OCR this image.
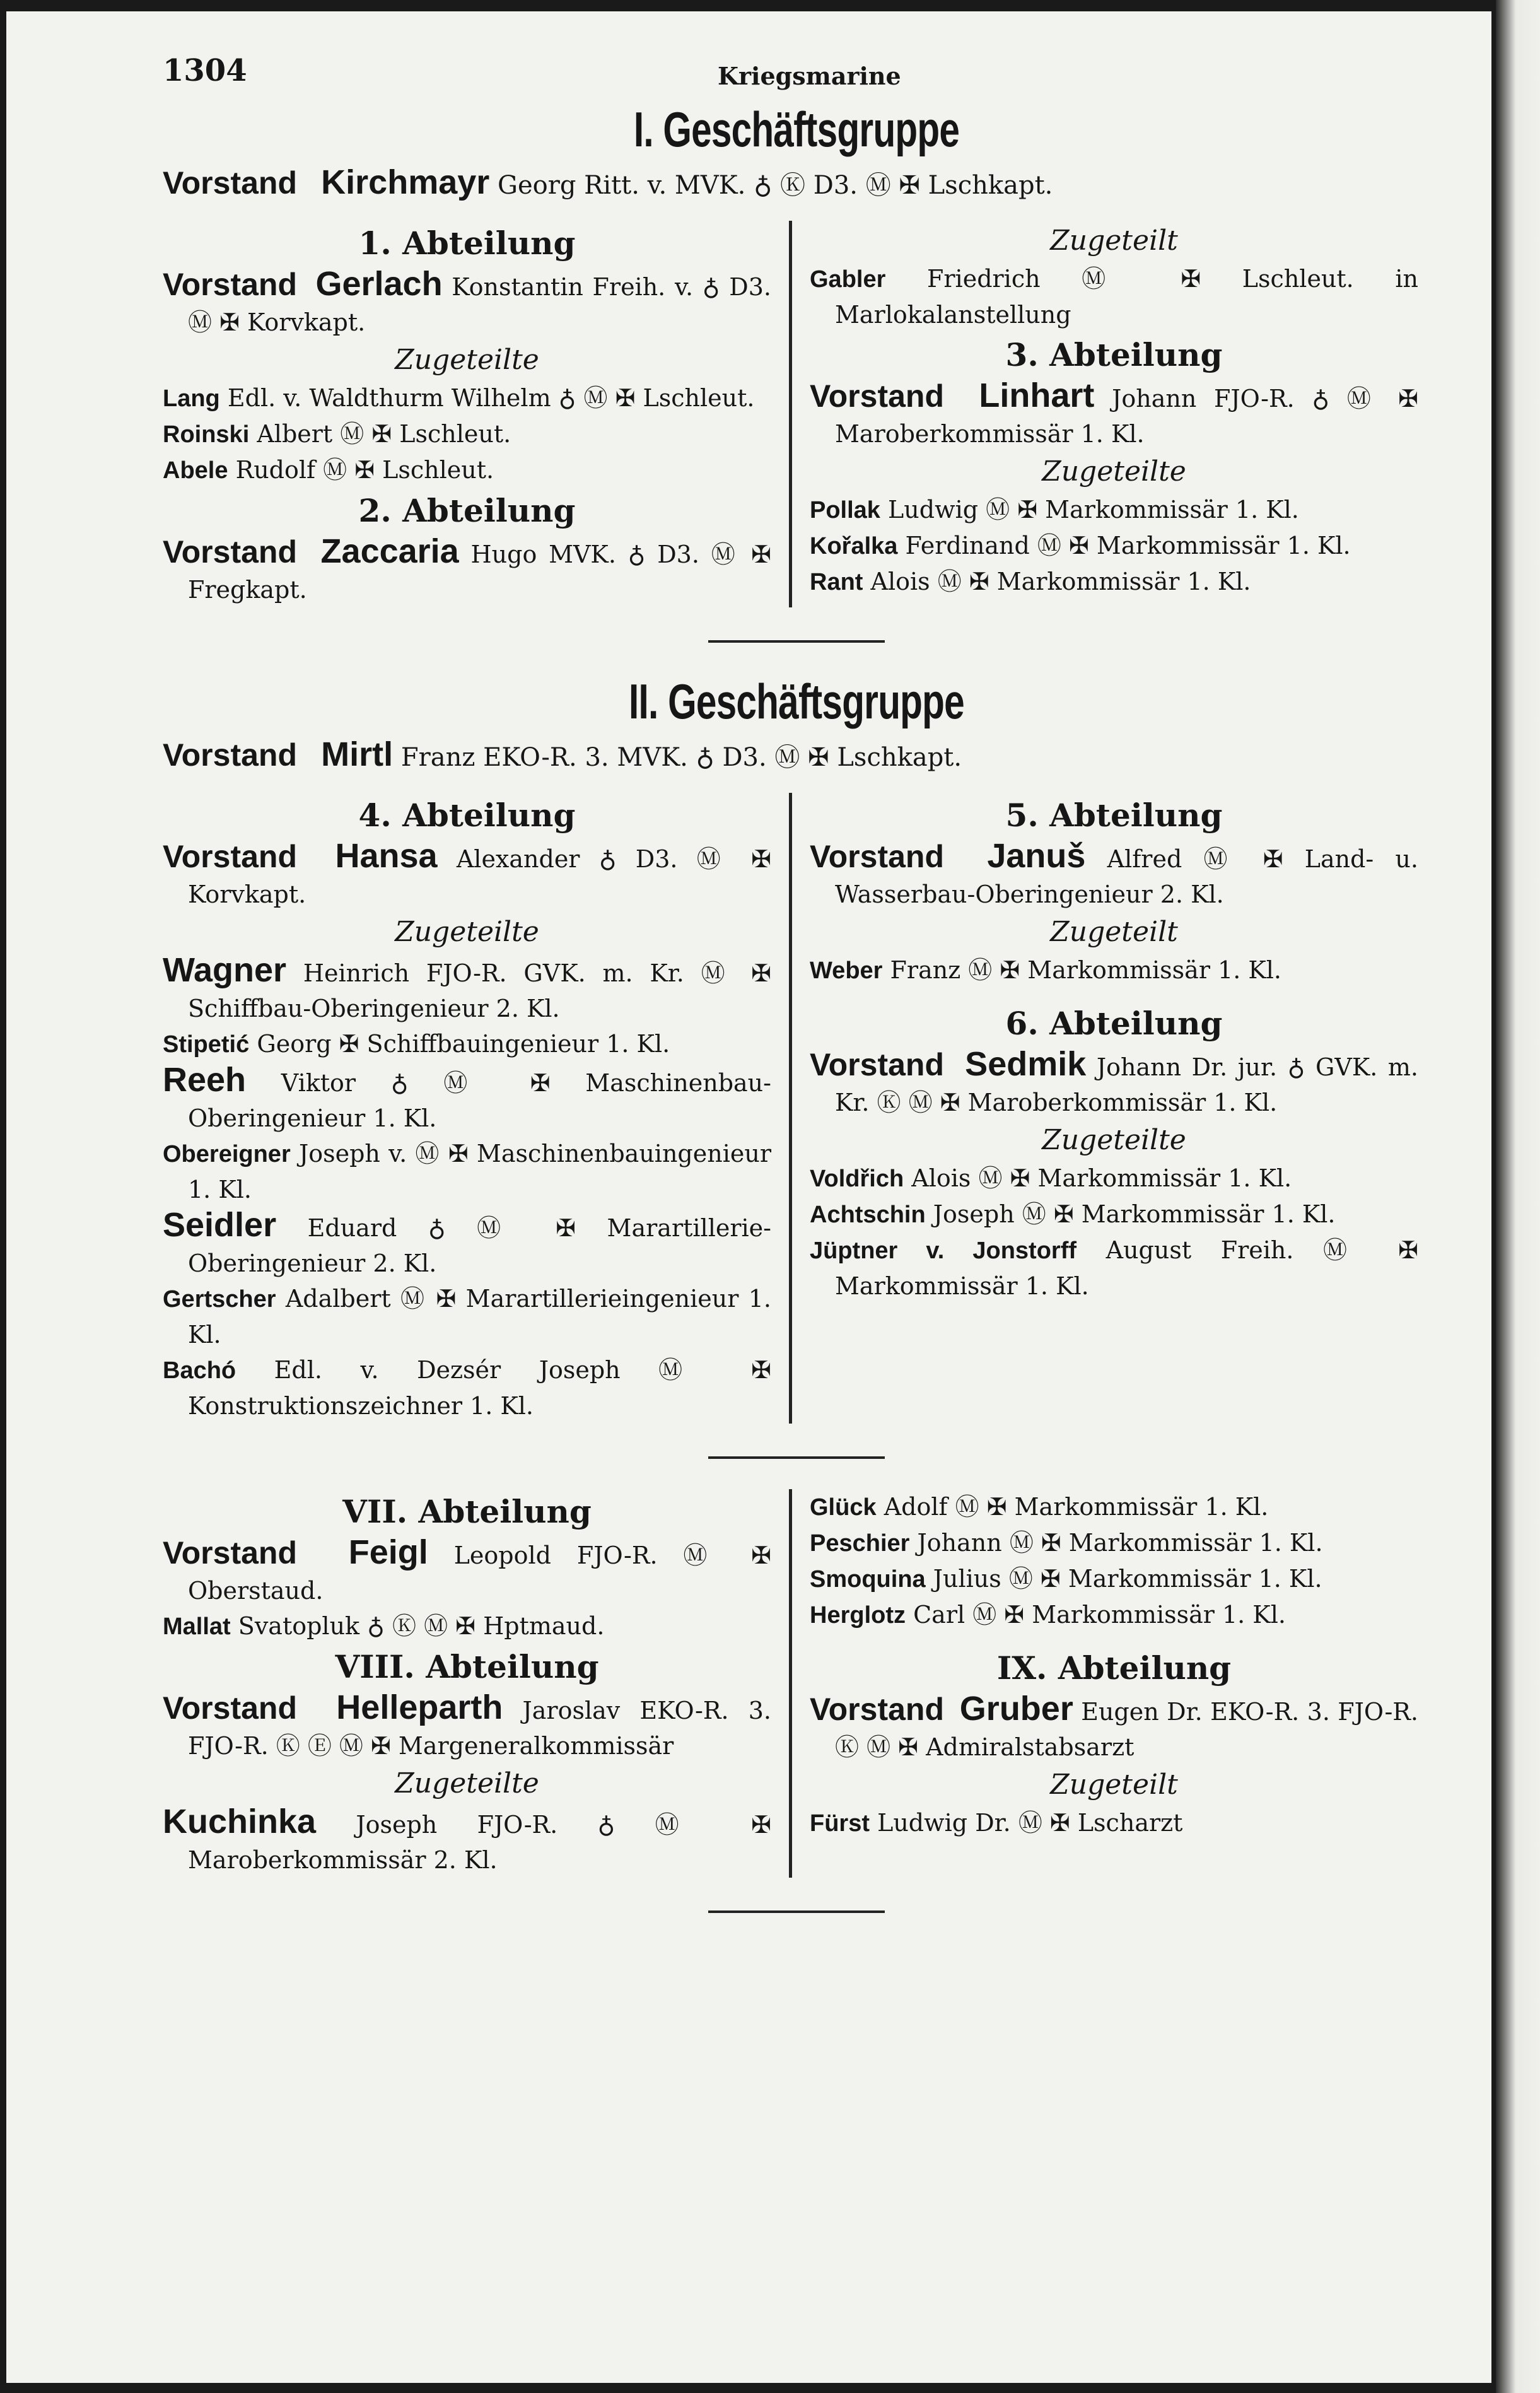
1304	Kriegsmarine
I. Geschäftsgruppe
Vorstand Kirchmayr Georg Ritt. v. MVK. ♁ Ⓚ D3. Ⓜ ✠ Lschkapt.
1. Abteilung

Vorstand Gerlach Konstantin Freih. v. ♁ D3. Ⓜ ✠ Korvkapt.

Zugeteilte

Lang Edl. v. Waldthurm Wilhelm ♁ Ⓜ ✠ Lschleut.

Roinski Albert Ⓜ ✠ Lschleut.

Abele Rudolf Ⓜ ✠ Lschleut.

2. Abteilung

Vorstand Zaccaria Hugo MVK. ♁ D3. Ⓜ ✠ Fregkapt.

Zugeteilt

Gabler Friedrich Ⓜ ✠ Lschleut. in Marlokalanstellung

3. Abteilung

Vorstand Linhart Johann FJO-R. ♁ Ⓜ ✠ Maroberkommissär 1. Kl.

Zugeteilte

Pollak Ludwig Ⓜ ✠ Markommissär 1. Kl.

Kořalka Ferdinand Ⓜ ✠ Markommissär 1. Kl.

Rant Alois Ⓜ ✠ Markommissär 1. Kl.

II. Geschäftsgruppe
Vorstand Mirtl Franz EKO-R. 3. MVK. ♁ D3. Ⓜ ✠ Lschkapt.
4. Abteilung

Vorstand Hansa Alexander ♁ D3. Ⓜ ✠ Korvkapt.

Zugeteilte

Wagner Heinrich FJO-R. GVK. m. Kr. Ⓜ ✠ Schiffbau-Oberingenieur 2. Kl.

Stipetić Georg ✠ Schiffbauingenieur 1. Kl.

Reeh Viktor ♁ Ⓜ ✠ Maschinenbau-Oberingenieur 1. Kl.

Obereigner Joseph v. Ⓜ ✠ Maschinenbauingenieur 1. Kl.

Seidler Eduard ♁ Ⓜ ✠ Marartillerie-Oberingenieur 2. Kl.

Gertscher Adalbert Ⓜ ✠ Marartillerieingenieur 1. Kl.

Bachó Edl. v. Dezsér Joseph Ⓜ ✠ Konstruktionszeichner 1. Kl.

5. Abteilung

Vorstand Januš Alfred Ⓜ ✠ Land- u. Wasserbau-Oberingenieur 2. Kl.

Zugeteilt

Weber Franz Ⓜ ✠ Markommissär 1. Kl.

6. Abteilung

Vorstand Sedmik Johann Dr. jur. ♁ GVK. m. Kr. Ⓚ Ⓜ ✠ Maroberkommissär 1. Kl.

Zugeteilte

Voldřich Alois Ⓜ ✠ Markommissär 1. Kl.

Achtschin Joseph Ⓜ ✠ Markommissär 1. Kl.

Jüptner v. Jonstorff August Freih. Ⓜ ✠ Markommissär 1. Kl.

VII. Abteilung

Vorstand Feigl Leopold FJO-R. Ⓜ ✠ Oberstaud.

Mallat Svatopluk ♁ Ⓚ Ⓜ ✠ Hptmaud.

VIII. Abteilung

Vorstand Helleparth Jaroslav EKO-R. 3. FJO-R. Ⓚ Ⓔ Ⓜ ✠ Margeneralkommissär

Zugeteilte

Kuchinka Joseph FJO-R. ♁ Ⓜ ✠ Maroberkommissär 2. Kl.

Glück Adolf Ⓜ ✠ Markommissär 1. Kl.

Peschier Johann Ⓜ ✠ Markommissär 1. Kl.

Smoquina Julius Ⓜ ✠ Markommissär 1. Kl.

Herglotz Carl Ⓜ ✠ Markommissär 1. Kl.

IX. Abteilung

Vorstand Gruber Eugen Dr. EKO-R. 3. FJO-R. Ⓚ Ⓜ ✠ Admiralstabsarzt

Zugeteilt

Fürst Ludwig Dr. Ⓜ ✠ Lscharzt
